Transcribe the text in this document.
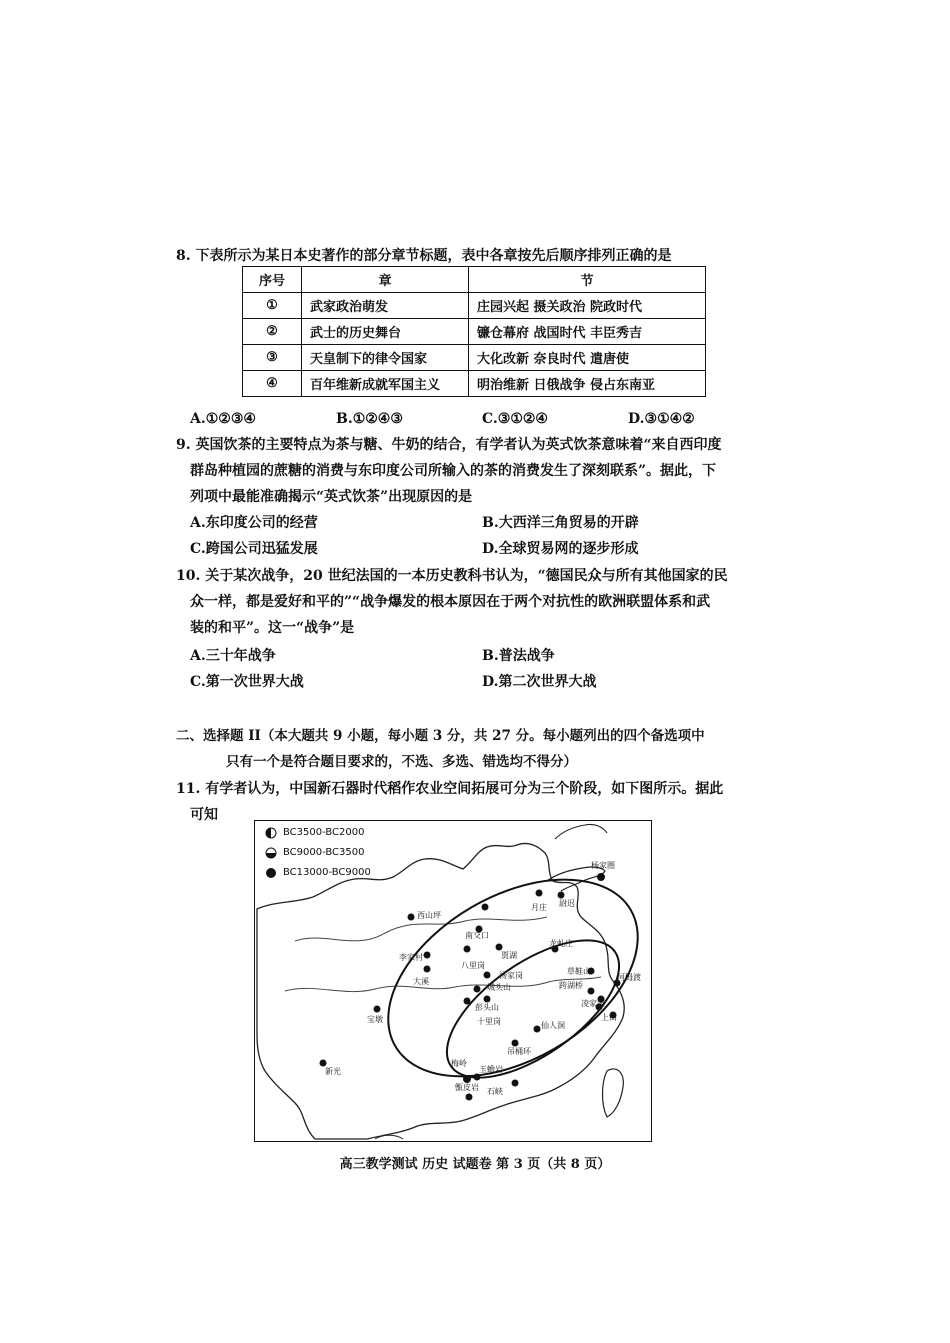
8. 下表所示为某日本史著作的部分章节标题，表中各章按先后顺序排列正确的是
序号	章	节
①	武家政治萌发	庄园兴起 摄关政治 院政时代
②	武士的历史舞台	镰仓幕府 战国时代 丰臣秀吉
③	天皇制下的律令国家	大化改新 奈良时代 遣唐使
④	百年维新成就军国主义	明治维新 日俄战争 侵占东南亚
A.①②③④	B.①②④③	C.③①②④	D.③①④②
9. 英国饮茶的主要特点为茶与糖、牛奶的结合，有学者认为英式饮茶意味着“来自西印度
群岛种植园的蔗糖的消费与东印度公司所输入的茶的消费发生了深刻联系”。据此，下
列项中最能准确揭示“英式饮茶”出现原因的是
A.东印度公司的经营	B.大西洋三角贸易的开辟
C.跨国公司迅猛发展	D.全球贸易网的逐步形成
10. 关于某次战争，20 世纪法国的一本历史教科书认为，“德国民众与所有其他国家的民
众一样，都是爱好和平的”“战争爆发的根本原因在于两个对抗性的欧洲联盟体系和武
装的和平”。这一“战争”是
A.三十年战争	B.普法战争
C.第一次世界大战	D.第二次世界大战
二、选择题 II（本大题共 9 小题，每小题 3 分，共 27 分。每小题列出的四个备选项中
只有一个是符合题目要求的，不选、多选、错选均不得分）
11. 有学者认为，中国新石器时代稻作农业空间拓展可分为三个阶段，如下图所示。据此
可知
BC3500-BC2000
BC9000-BC3500
BC13000-BC9000
杨家圈
尉迟
月庄
西山坪
南交口
李家村
八里岗
贾湖
龙虬庄
大溪
城头山
彭头山
汤家岗	草鞋山
跨湖桥
河姆渡
上山
仙人洞
吊桶环
宝墩
甑皮岩
玉蟾岩
石峡
新光
梅岭
凌家滩
十里岗
高三教学测试 历史 试题卷 第 3 页（共 8 页）
